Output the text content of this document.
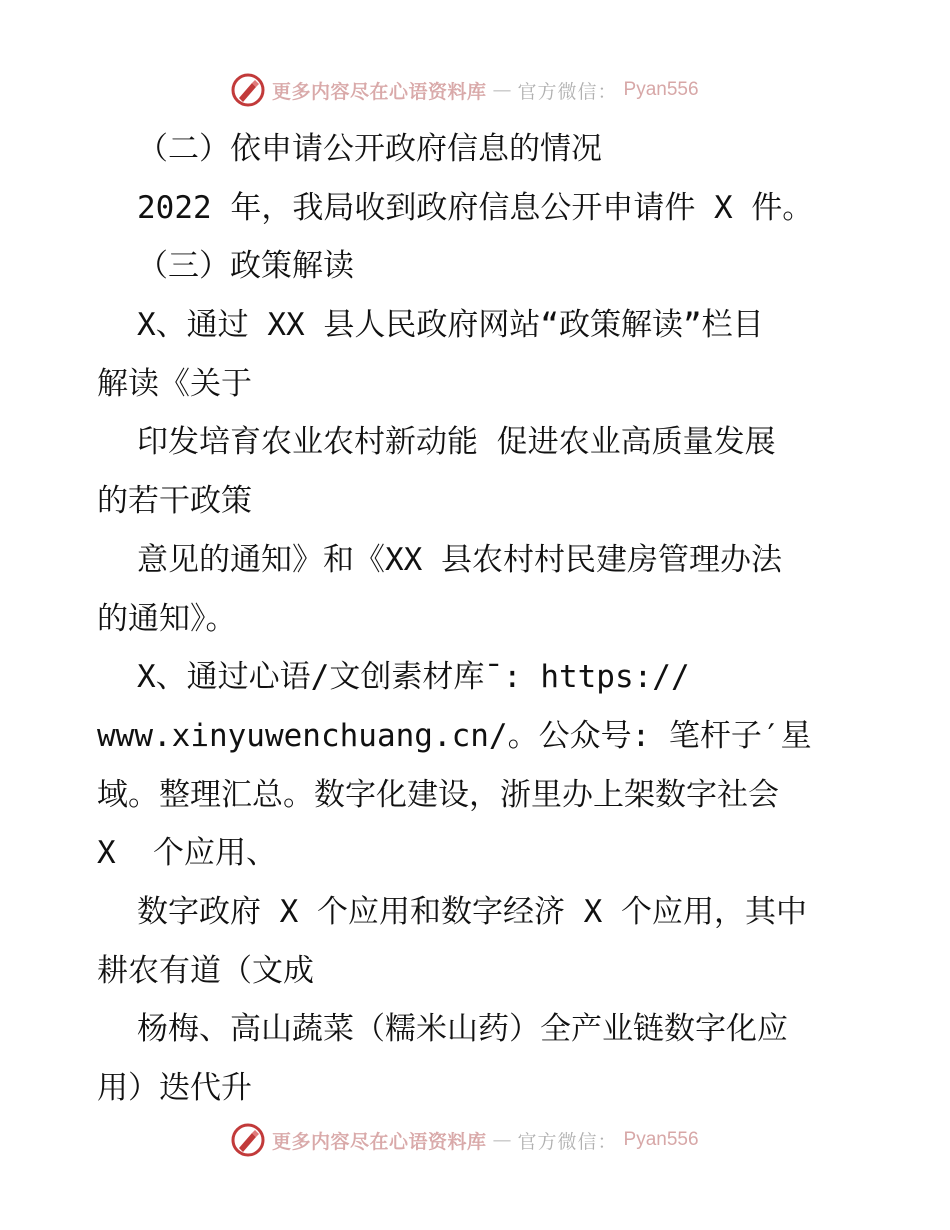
更多内容尽在心语资料库 — 官方微信： Pyan556
（二）依申请公开政府信息的情况
2022 年，我局收到政府信息公开申请件 X 件。
（三）政策解读
X、通过 XX 县人民政府网站“政策解读”栏目
解读《关于
印发培育农业农村新动能 促进农业高质量发展
的若干政策
意见的通知》和《XX 县农村村民建房管理办法
的通知》。
X、通过心语/文创素材库¯: https://
www.xinyuwenchuang.cn/。公众号: 笔杆子′星
域。整理汇总。数字化建设，浙里办上架数字社会
X  个应用、
数字政府 X 个应用和数字经济 X 个应用，其中
耕农有道（文成
杨梅、高山蔬菜（糯米山药）全产业链数字化应
用）迭代升
更多内容尽在心语资料库 — 官方微信： Pyan556
